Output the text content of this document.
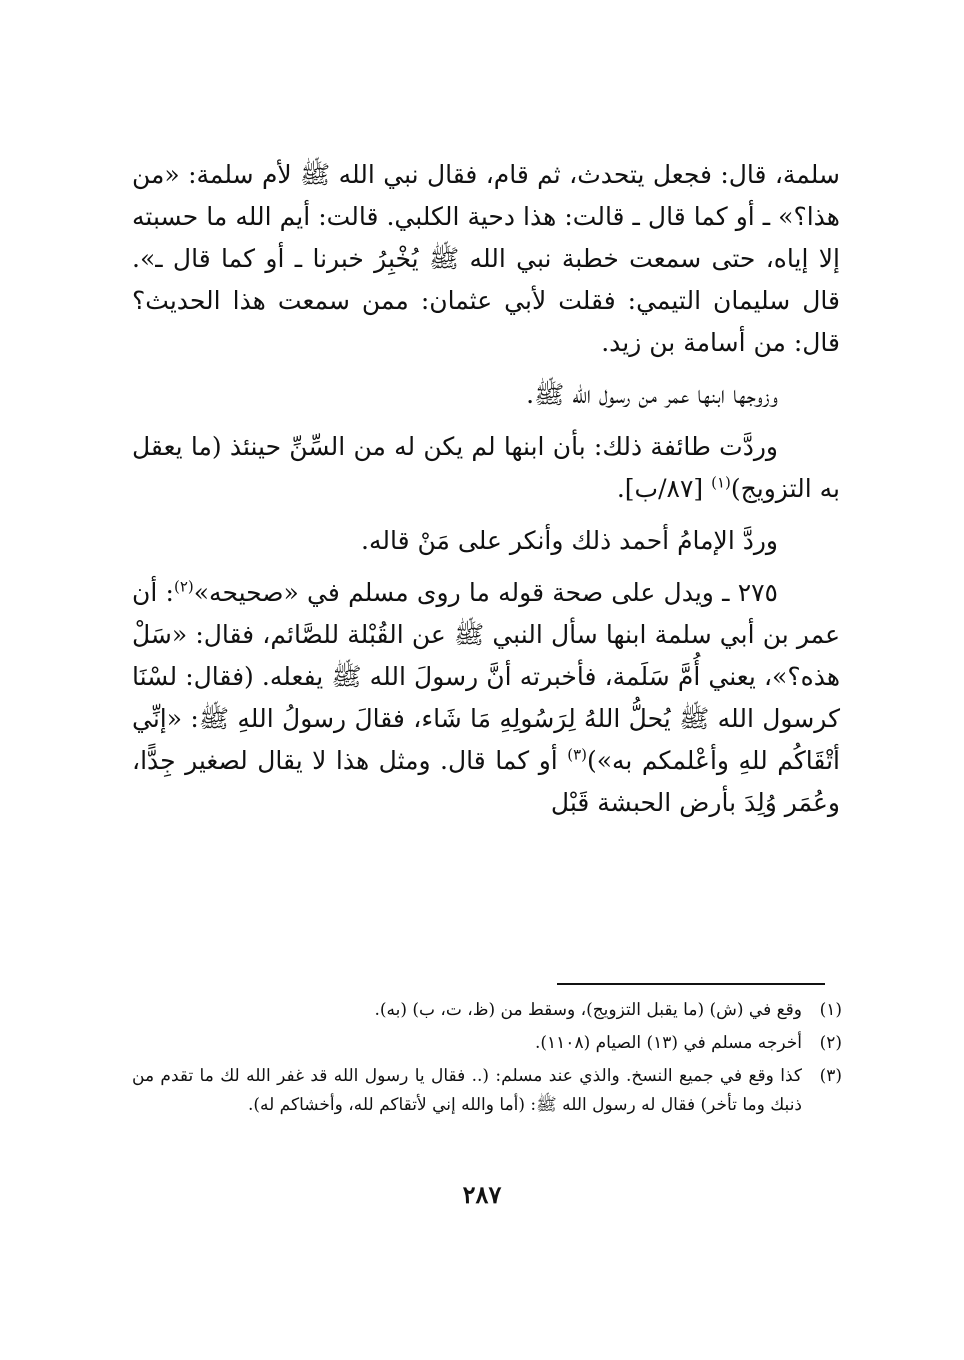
سلمة، قال: فجعل يتحدث، ثم قام، فقال نبي الله ﷺ لأم سلمة: «من هذا؟» ـ أو كما قال ـ قالت: هذا دحية الكلبي. قالت: أيم الله ما حسبته إلا إياه، حتى سمعت خطبة نبي الله ﷺ يُخْبِرُ خبرنا ـ أو كما قال ـ». قال سليمان التيمي: فقلت لأبي عثمان: ممن سمعت هذا الحديث؟ قال: من أسامة بن زيد.

وزوجها ابنها عمر من رسول الله ﷺ.

وردَّت طائفة ذلك: بأن ابنها لم يكن له من السِّنِّ حينئذ (ما يعقل به التزويج)$^{(١)}$ [٨٧/ب].

وردَّ الإمامُ أحمد ذلك وأنكر على مَنْ قاله.

٢٧٥ ـ ويدل على صحة قوله ما روى مسلم في «صحيحه»$^{(٢)}$: أن عمر بن أبي سلمة ابنها سأل النبي ﷺ عن القُبْلة للصَّائم، فقال: «سَلْ هذه؟»، يعني أُمَّ سَلَمة، فأخبرته أنَّ رسولَ الله ﷺ يفعله. (فقال: لسْنَا كرسول الله ﷺ يُحلُّ اللهُ لِرَسُولِهِ مَا شَاء، فقالَ رسولُ اللهِ ﷺ: «إنِّي أتْقَاكُم للهِ وأعْلمكم به»)$^{(٣)}$ أو كما قال. ومثل هذا لا يقال لصغير جِدًّا، وعُمَر وُلِدَ بأرض الحبشة قَبْل

(١)
وقع في (ش) (ما يقبل التزويج)، وسقط من (ظ، ت، ب) (به).
(٢)
أخرجه مسلم في (١٣) الصيام (١١٠٨).
(٣)
كذا وقع في جميع النسخ. والذي عند مسلم: (.. فقال يا رسول الله قد غفر الله لك ما تقدم من ذنبك وما تأخر) فقال له رسول الله ﷺ: (أما والله إني لأتقاكم لله، وأخشاكم له).
٢٨٧
